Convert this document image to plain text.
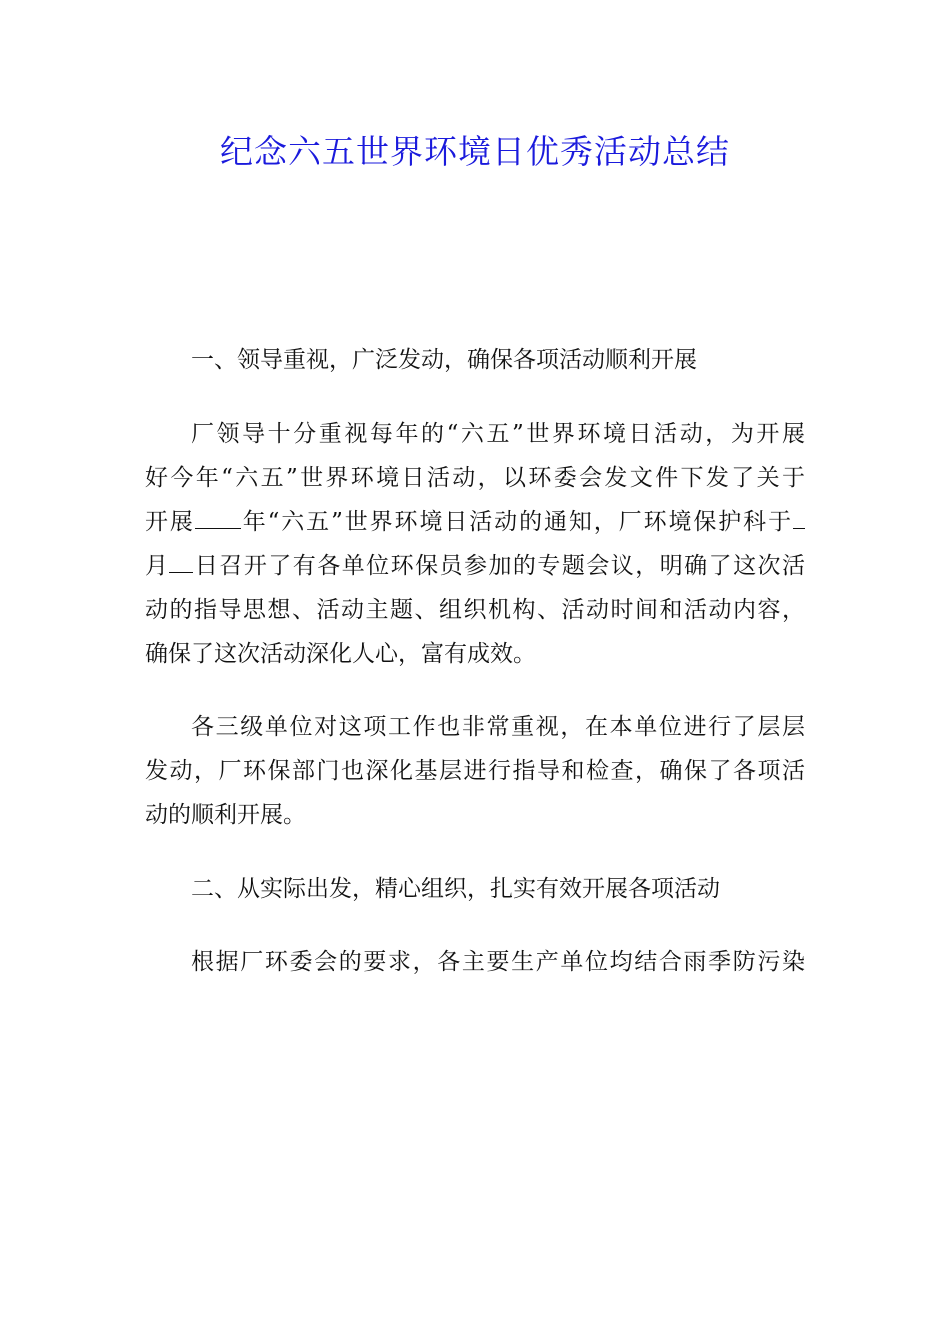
纪念六五世界环境日优秀活动总结
一、领导重视，广泛发动，确保各项活动顺利开展
厂领导十分重视每年的“六五”世界环境日活动，为开展
好今年“六五”世界环境日活动，以环委会发文件下发了关于
开展 年“六五”世界环境日活动的通知，厂环境保护科于
月 日召开了有各单位环保员参加的专题会议，明确了这次活
动的指导思想、活动主题、组织机构、活动时间和活动内容，
确保了这次活动深化人心，富有成效。
各三级单位对这项工作也非常重视，在本单位进行了层层
发动，厂环保部门也深化基层进行指导和检查，确保了各项活
动的顺利开展。
二、从实际出发，精心组织，扎实有效开展各项活动
根据厂环委会的要求，各主要生产单位均结合雨季防污染
